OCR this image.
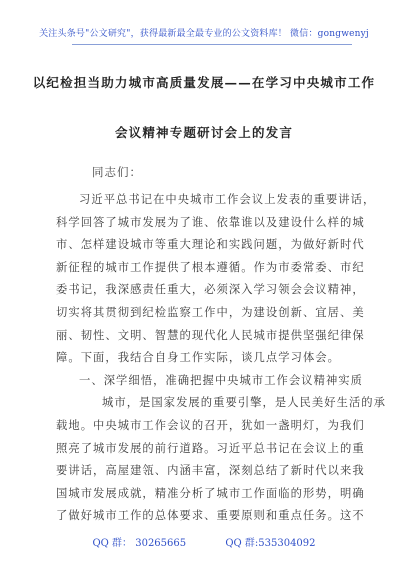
关注头条号"公文研究"，获得最新最全最专业的公文资料库！ 微信：gongwenyj
以纪检担当助力城市高质量发展——在学习中央城市工作
会议精神专题研讨会上的发言
同志们：
习近平总书记在中央城市工作会议上发表的重要讲话，
科学回答了城市发展为了谁、依靠谁以及建设什么样的城
市、怎样建设城市等重大理论和实践问题，为做好新时代
新征程的城市工作提供了根本遵循。作为市委常委、市纪
委书记，我深感责任重大，必须深入学习领会会议精神，
切实将其贯彻到纪检监察工作中，为建设创新、宜居、美
丽、韧性、文明、智慧的现代化人民城市提供坚强纪律保
障。下面，我结合自身工作实际，谈几点学习体会。
一、深学细悟，准确把握中央城市工作会议精神实质
城市，是国家发展的重要引擎，是人民美好生活的承
载地。中央城市工作会议的召开，犹如一盏明灯，为我们
照亮了城市发展的前行道路。习近平总书记在会议上的重
要讲话，高屋建瓴、内涵丰富，深刻总结了新时代以来我
国城市发展成就，精准分析了城市工作面临的形势，明确
了做好城市工作的总体要求、重要原则和重点任务。这不
QQ 群： 30265665	QQ 群:535304092
